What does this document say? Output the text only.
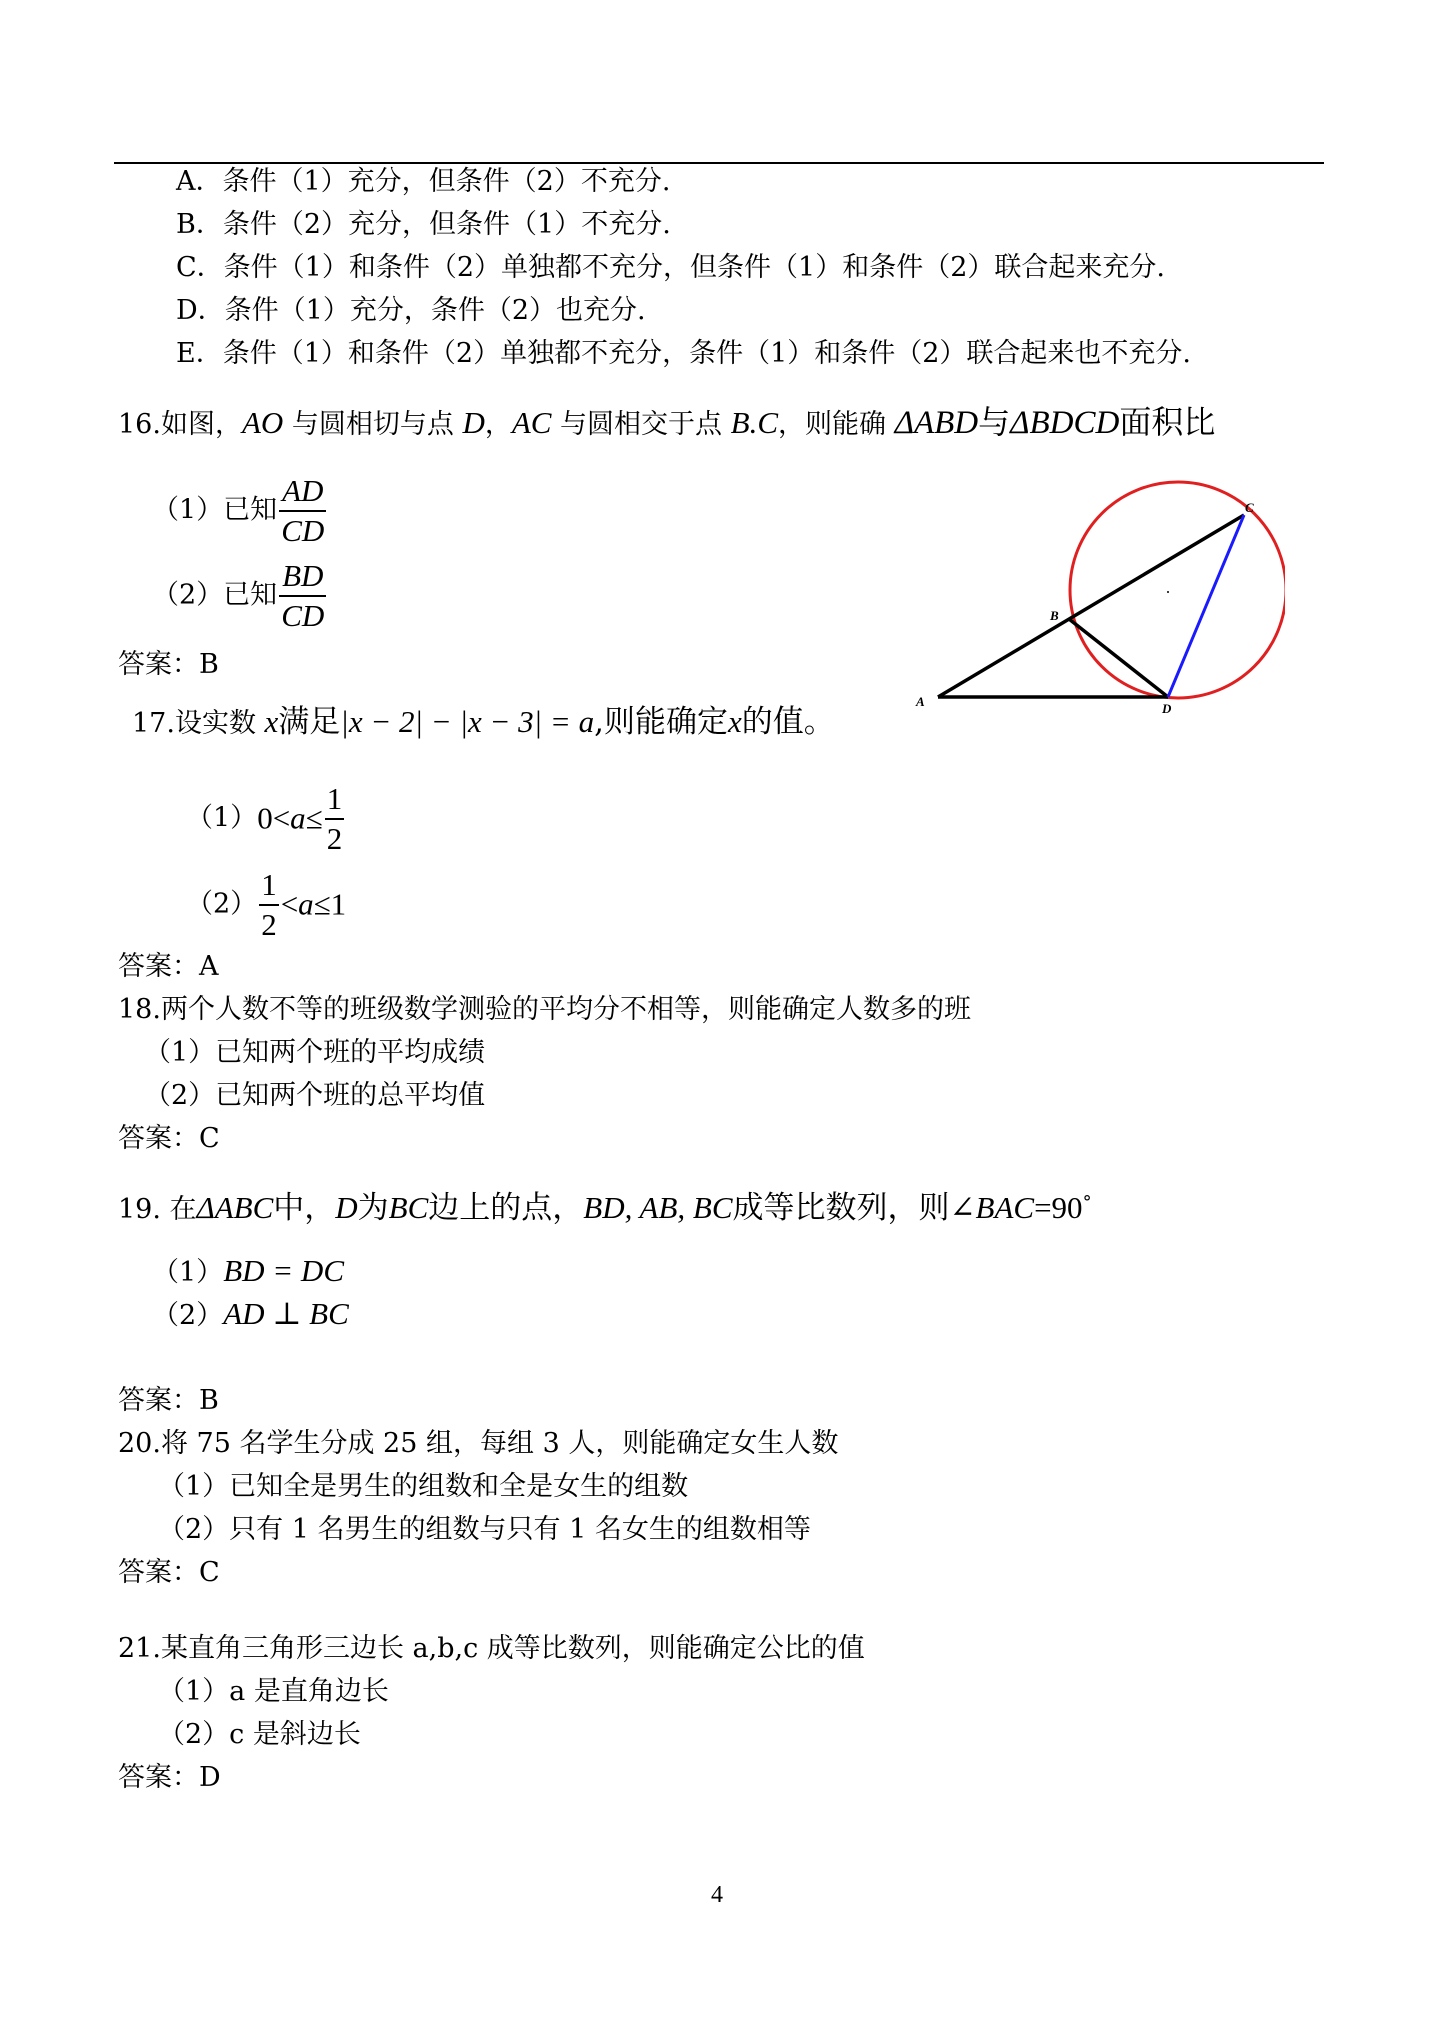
A．条件（1）充分，但条件（2）不充分.
B．条件（2）充分，但条件（1）不充分.
C．条件（1）和条件（2）单独都不充分，但条件（1）和条件（2）联合起来充分.
D．条件（1）充分，条件（2）也充分.
E．条件（1）和条件（2）单独都不充分，条件（1）和条件（2）联合起来也不充分.
16.如图，AO 与圆相切与点 D，AC 与圆相交于点 B.C，则能确 ΔABD与ΔBDCD面积比
（1）已知 $\frac{AD}{CD}$
（2）已知 $\frac{BD}{CD}$
答案：B
A
B
C
D
17.设实数 x满足|x − 2| − |x − 3| = a,则能确定x的值。
$(1)0<a\le \frac{1}{2}$
$(2) \frac{1}{2} <a\le 1$
答案：A
18.两个人数不等的班级数学测验的平均分不相等，则能确定人数多的班
（1）已知两个班的平均成绩
（2）已知两个班的总平均值
答案：C
19. 在ΔABC中，D为BC边上的点，BD, AB, BC成等比数列，则∠BAC=90°
（1）BD = DC
（2）AD ⊥ BC
答案：B
20.将 75 名学生分成 25 组，每组 3 人，则能确定女生人数
（1）已知全是男生的组数和全是女生的组数
（2）只有 1 名男生的组数与只有 1 名女生的组数相等
答案：C
21.某直角三角形三边长 a,b,c 成等比数列，则能确定公比的值
（1）a 是直角边长
（2）c 是斜边长
答案：D
4
